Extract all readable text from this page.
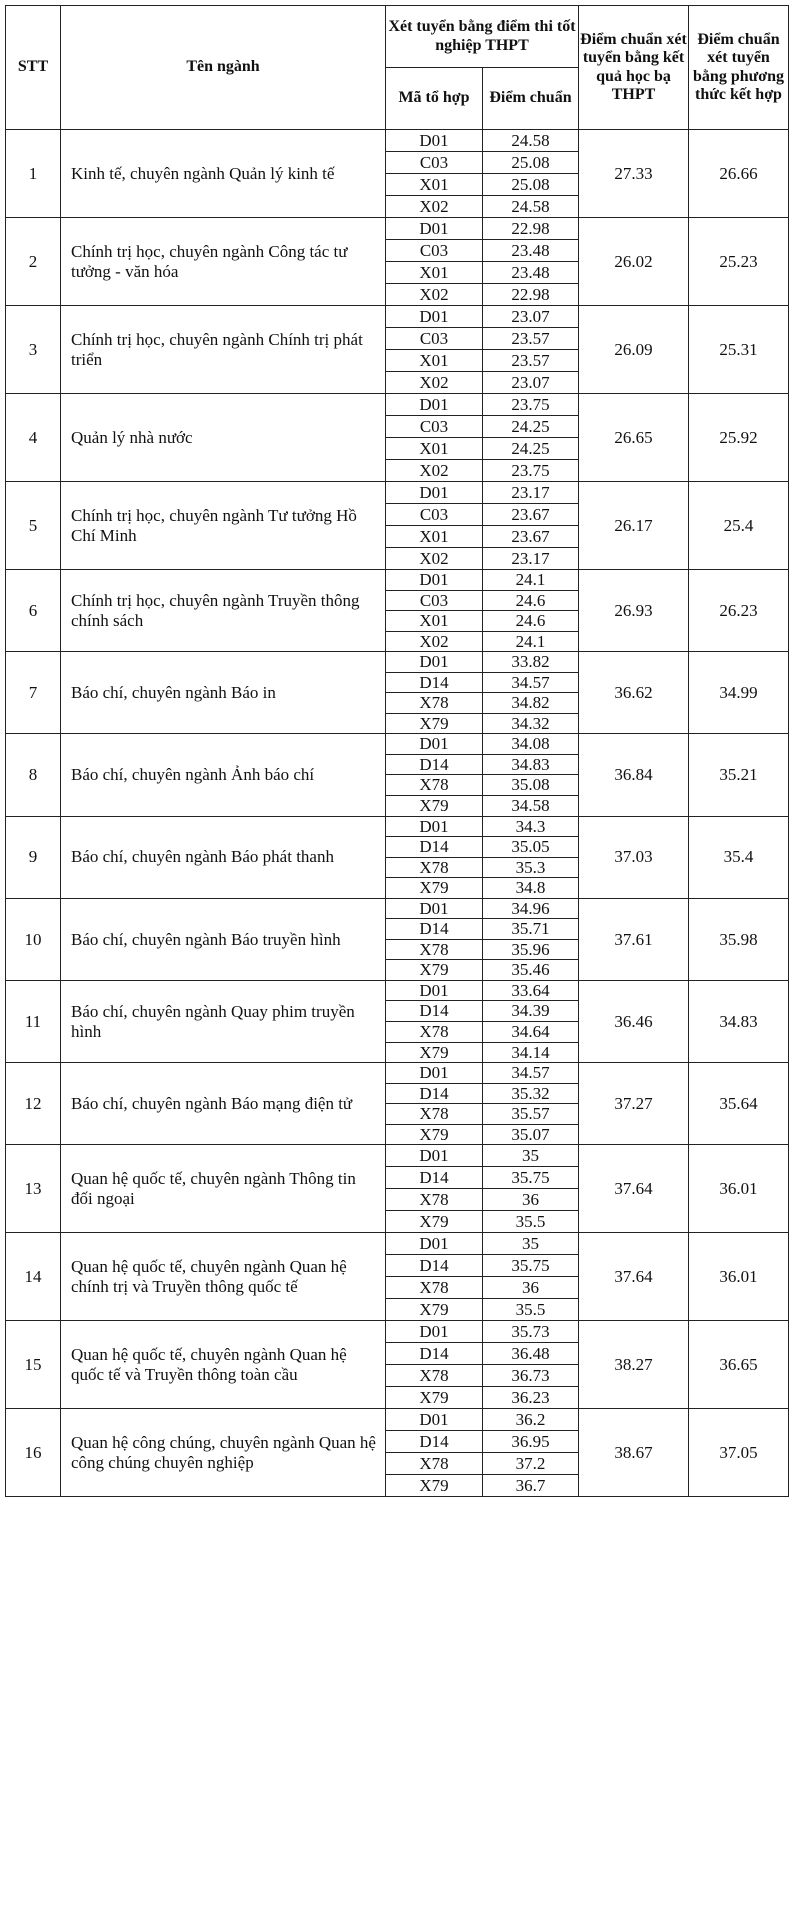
STT	Tên ngành	Xét tuyển bằng điểm thi tốt nghiệp THPT		Điểm chuẩn xét tuyển bằng kết quả học bạ THPT	Điểm chuẩn xét tuyển bằng phương thức kết hợp
		Mã tổ hợp	Điểm chuẩn		
1	Kinh tế, chuyên ngành Quản lý kinh tế	D01	24.58	27.33	26.66
		C03	25.08		
		X01	25.08		
		X02	24.58		
2	Chính trị học, chuyên ngành Công tác tư tưởng - văn hóa	D01	22.98	26.02	25.23
		C03	23.48		
		X01	23.48		
		X02	22.98		
3	Chính trị học, chuyên ngành Chính trị phát triển	D01	23.07	26.09	25.31
		C03	23.57		
		X01	23.57		
		X02	23.07		
4	Quản lý nhà nước	D01	23.75	26.65	25.92
		C03	24.25		
		X01	24.25		
		X02	23.75		
5	Chính trị học, chuyên ngành Tư tưởng Hồ Chí Minh	D01	23.17	26.17	25.4
		C03	23.67		
		X01	23.67		
		X02	23.17		
6	Chính trị học, chuyên ngành Truyền thông chính sách	D01	24.1	26.93	26.23
		C03	24.6		
		X01	24.6		
		X02	24.1		
7	Báo chí, chuyên ngành Báo in	D01	33.82	36.62	34.99
		D14	34.57		
		X78	34.82		
		X79	34.32		
8	Báo chí, chuyên ngành Ảnh báo chí	D01	34.08	36.84	35.21
		D14	34.83		
		X78	35.08		
		X79	34.58		
9	Báo chí, chuyên ngành Báo phát thanh	D01	34.3	37.03	35.4
		D14	35.05		
		X78	35.3		
		X79	34.8		
10	Báo chí, chuyên ngành Báo truyền hình	D01	34.96	37.61	35.98
		D14	35.71		
		X78	35.96		
		X79	35.46		
11	Báo chí, chuyên ngành Quay phim truyền hình	D01	33.64	36.46	34.83
		D14	34.39		
		X78	34.64		
		X79	34.14		
12	Báo chí, chuyên ngành Báo mạng điện tử	D01	34.57	37.27	35.64
		D14	35.32		
		X78	35.57		
		X79	35.07		
13	Quan hệ quốc tế, chuyên ngành Thông tin đối ngoại	D01	35	37.64	36.01
		D14	35.75		
		X78	36		
		X79	35.5		
14	Quan hệ quốc tế, chuyên ngành Quan hệ chính trị và Truyền thông quốc tế	D01	35	37.64	36.01
		D14	35.75		
		X78	36		
		X79	35.5		
15	Quan hệ quốc tế, chuyên ngành Quan hệ quốc tế và Truyền thông toàn cầu	D01	35.73	38.27	36.65
		D14	36.48		
		X78	36.73		
		X79	36.23		
16	Quan hệ công chúng, chuyên ngành Quan hệ công chúng chuyên nghiệp	D01	36.2	38.67	37.05
		D14	36.95		
		X78	37.2		
		X79	36.7		
